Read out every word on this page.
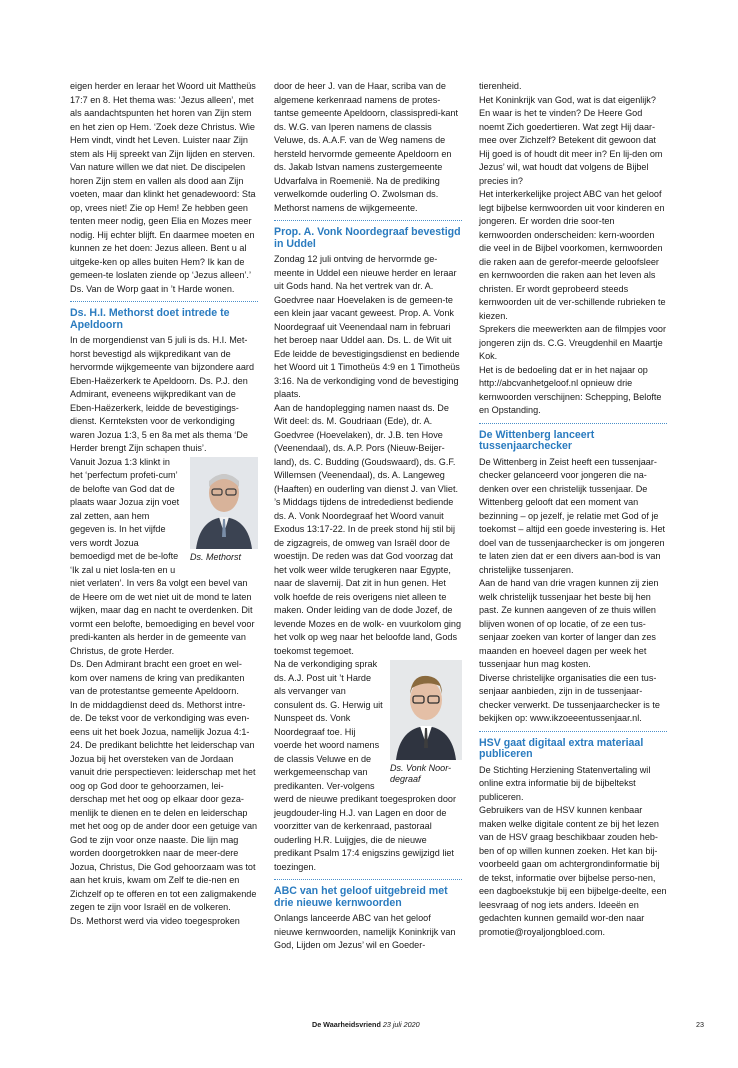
eigen herder en leraar het Woord uit Mattheüs 17:7 en 8. Het thema was: ‘Jezus alleen’, met als aandachtspunten het horen van Zijn stem en het zien op Hem. ‘Zoek deze Christus. Wie Hem vindt, vindt het Leven. Luister naar Zijn stem als Hij spreekt van Zijn lijden en sterven. Van nature willen we dat niet. De discipelen horen Zijn stem en vallen als dood aan Zijn voeten, maar dan klinkt het genadewoord: Sta op, vrees niet! Zie op Hem! Ze hebben geen tenten meer nodig, geen Elia en Mozes meer nodig. Hij echter blijft. En daarmee moeten en kunnen ze het doen: Jezus alleen. Bent u al uitgeke-ken op alles buiten Hem? Ik kan de gemeen-te loslaten ziende op ‘Jezus alleen’.’

Ds. Van de Worp gaat in ’t Harde wonen.

Ds. H.I. Methorst doet intrede te Apeldoorn

In de morgendienst van 5 juli is ds. H.I. Met-horst bevestigd als wijkpredikant van de hervormde wijkgemeente van bijzondere aard Eben-Haëzerkerk te Apeldoorn. Ds. P.J. den Admirant, eveneens wijkpredikant van de Eben-Haëzerkerk, leidde de bevestigings-dienst. Kernteksten voor de verkondiging waren Jozua 1:3, 5 en 8a met als thema ‘De Herder brengt Zijn schapen thuis’.

Ds. Methorst

Vanuit Jozua 1:3 klinkt in het ‘perfectum profeti-cum’ de belofte van God dat de plaats waar Jozua zijn voet zal zetten, aan hem gegeven is. In het vijfde vers wordt Jozua bemoedigd met de be-lofte ‘Ik zal u niet losla-ten en u niet verlaten’. In vers 8a volgt een bevel van de Heere om de wet niet uit de mond te laten wijken, maar dag en nacht te overdenken. Dit vormt een belofte, bemoediging en bevel voor predi-kanten als herder in de gemeente van Christus, de grote Herder.

Ds. Den Admirant bracht een groet en wel-kom over namens de kring van predikanten van de protestantse gemeente Apeldoorn.

In de middagdienst deed ds. Methorst intre-de. De tekst voor de verkondiging was even-eens uit het boek Jozua, namelijk Jozua 4:1-24. De predikant belichtte het leiderschap van Jozua bij het oversteken van de Jordaan vanuit drie perspectieven: leiderschap met het oog op God door te gehoorzamen, lei-derschap met het oog op elkaar door geza-menlijk te dienen en te delen en leiderschap met het oog op de ander door een getuige van God te zijn voor onze naaste. Die lijn mag worden doorgetrokken naar de meer-dere Jozua, Christus, Die God gehoorzaam was tot aan het kruis, kwam om Zelf te die-nen en Zichzelf op te offeren en tot een zaligmakende zegen te zijn voor Israël en de volkeren.

Ds. Methorst werd via video toegesproken

door de heer J. van de Haar, scriba van de algemene kerkenraad namens de protes-tantse gemeente Apeldoorn, classispredi-kant ds. W.G. van Iperen namens de classis Veluwe, ds. A.A.F. van de Weg namens de hersteld hervormde gemeente Apeldoorn en ds. Jakab Istvan namens zustergemeente Udvarfalva in Roemenië. Na de prediking verwelkomde ouderling O. Zwolsman ds. Methorst namens de wijkgemeente.

Prop. A. Vonk Noordegraaf bevestigd in Uddel

Zondag 12 juli ontving de hervormde ge-meente in Uddel een nieuwe herder en leraar uit Gods hand. Na het vertrek van dr. A. Goedvree naar Hoevelaken is de gemeen-te een klein jaar vacant geweest. Prop. A. Vonk Noordegraaf uit Veenendaal nam in februari het beroep naar Uddel aan. Ds. L. de Wit uit Ede leidde de bevestigingsdienst en bediende het Woord uit 1 Timotheüs 4:9 en 1 Timotheüs 3:16. Na de verkondiging vond de bevestiging plaats.

Aan de handoplegging namen naast ds. De Wit deel: ds. M. Goudriaan (Ede), dr. A. Goedvree (Hoevelaken), dr. J.B. ten Hove (Veenendaal), ds. A.P. Pors (Nieuw-Beijer-land), ds. C. Budding (Goudswaard), ds. G.F. Willemsen (Veenendaal), ds. A. Langeweg (Haaften) en ouderling van dienst J. van Vliet.

’s Middags tijdens de intrededienst bediende ds. A. Vonk Noordegraaf het Woord vanuit Exodus 13:17-22. In de preek stond hij stil bij de zigzagreis, de omweg van Israël door de woestijn. De reden was dat God voorzag dat het volk weer wilde terugkeren naar Egypte, naar de slavernij. Dat zit in hun genen. Het volk hoefde de reis overigens niet alleen te maken. Onder leiding van de dode Jozef, de levende Mozes en de wolk- en vuurkolom ging het volk op weg naar het beloofde land, Gods toekomst tegemoet.

Ds. Vonk Noor-degraaf

Na de verkondiging sprak ds. A.J. Post uit ’t Harde als vervanger van consulent ds. G. Herwig uit Nunspeet ds. Vonk Noordegraaf toe. Hij voerde het woord namens de classis Veluwe en de werkgemeenschap van predikanten. Ver-volgens werd de nieuwe predikant toegesproken door jeugdouder-ling H.J. van Lagen en door de voorzitter van de kerkenraad, pastoraal ouderling H.R. Luijgjes, die de nieuwe predikant Psalm 17:4 enigszins gewijzigd liet toezingen.

ABC van het geloof uitgebreid met drie nieuwe kernwoorden

Onlangs lanceerde ABC van het geloof nieuwe kernwoorden, namelijk Koninkrijk van God, Lijden om Jezus’ wil en Goeder-

tierenheid.

Het Koninkrijk van God, wat is dat eigenlijk? En waar is het te vinden? De Heere God noemt Zich goedertieren. Wat zegt Hij daar-mee over Zichzelf? Betekent dit gewoon dat Hij goed is of houdt dit meer in? En lij-den om Jezus’ wil, wat houdt dat volgens de Bijbel precies in?

Het interkerkelijke project ABC van het geloof legt bijbelse kernwoorden uit voor kinderen en jongeren. Er worden drie soor-ten kernwoorden onderscheiden: kern-woorden die veel in de Bijbel voorkomen, kernwoorden die raken aan de gerefor-meerde geloofsleer en kernwoorden die raken aan het leven als christen. Er wordt geprobeerd steeds kernwoorden uit de ver-schillende rubrieken te kiezen.

Sprekers die meewerkten aan de filmpjes voor jongeren zijn ds. C.G. Vreugdenhil en Maartje Kok.

Het is de bedoeling dat er in het najaar op http://abcvanhetgeloof.nl opnieuw drie kernwoorden verschijnen: Schepping, Belofte en Opstanding.

De Wittenberg lanceert tussenjaarchecker

De Wittenberg in Zeist heeft een tussenjaar-checker gelanceerd voor jongeren die na-denken over een christelijk tussenjaar. De Wittenberg gelooft dat een moment van bezinning – op jezelf, je relatie met God of je toekomst – altijd een goede investering is. Het doel van de tussenjaarchecker is om jongeren te laten zien dat er een divers aan-bod is van christelijke tussenjaren.

Aan de hand van drie vragen kunnen zij zien welk christelijk tussenjaar het beste bij hen past. Ze kunnen aangeven of ze thuis willen blijven wonen of op locatie, of ze een tus-senjaar zoeken van korter of langer dan zes maanden en hoeveel dagen per week het tussenjaar hun mag kosten.

Diverse christelijke organisaties die een tus-senjaar aanbieden, zijn in de tussenjaar-checker verwerkt. De tussenjaarchecker is te bekijken op: www.ikzoeeentussenjaar.nl.

HSV gaat digitaal extra materiaal publiceren

De Stichting Herziening Statenvertaling wil online extra informatie bij de bijbeltekst publiceren.

Gebruikers van de HSV kunnen kenbaar maken welke digitale content ze bij het lezen van de HSV graag beschikbaar zouden heb-ben of op willen kunnen zoeken. Het kan bij-voorbeeld gaan om achtergrondinformatie bij de tekst, informatie over bijbelse perso-nen, een dagboekstukje bij een bijbelge-deelte, een leesvraag of nog iets anders. Ideeën en gedachten kunnen gemaild wor-den naar promotie@royaljongbloed.com.

De Waarheidsvriend 23 juli 2020	23
